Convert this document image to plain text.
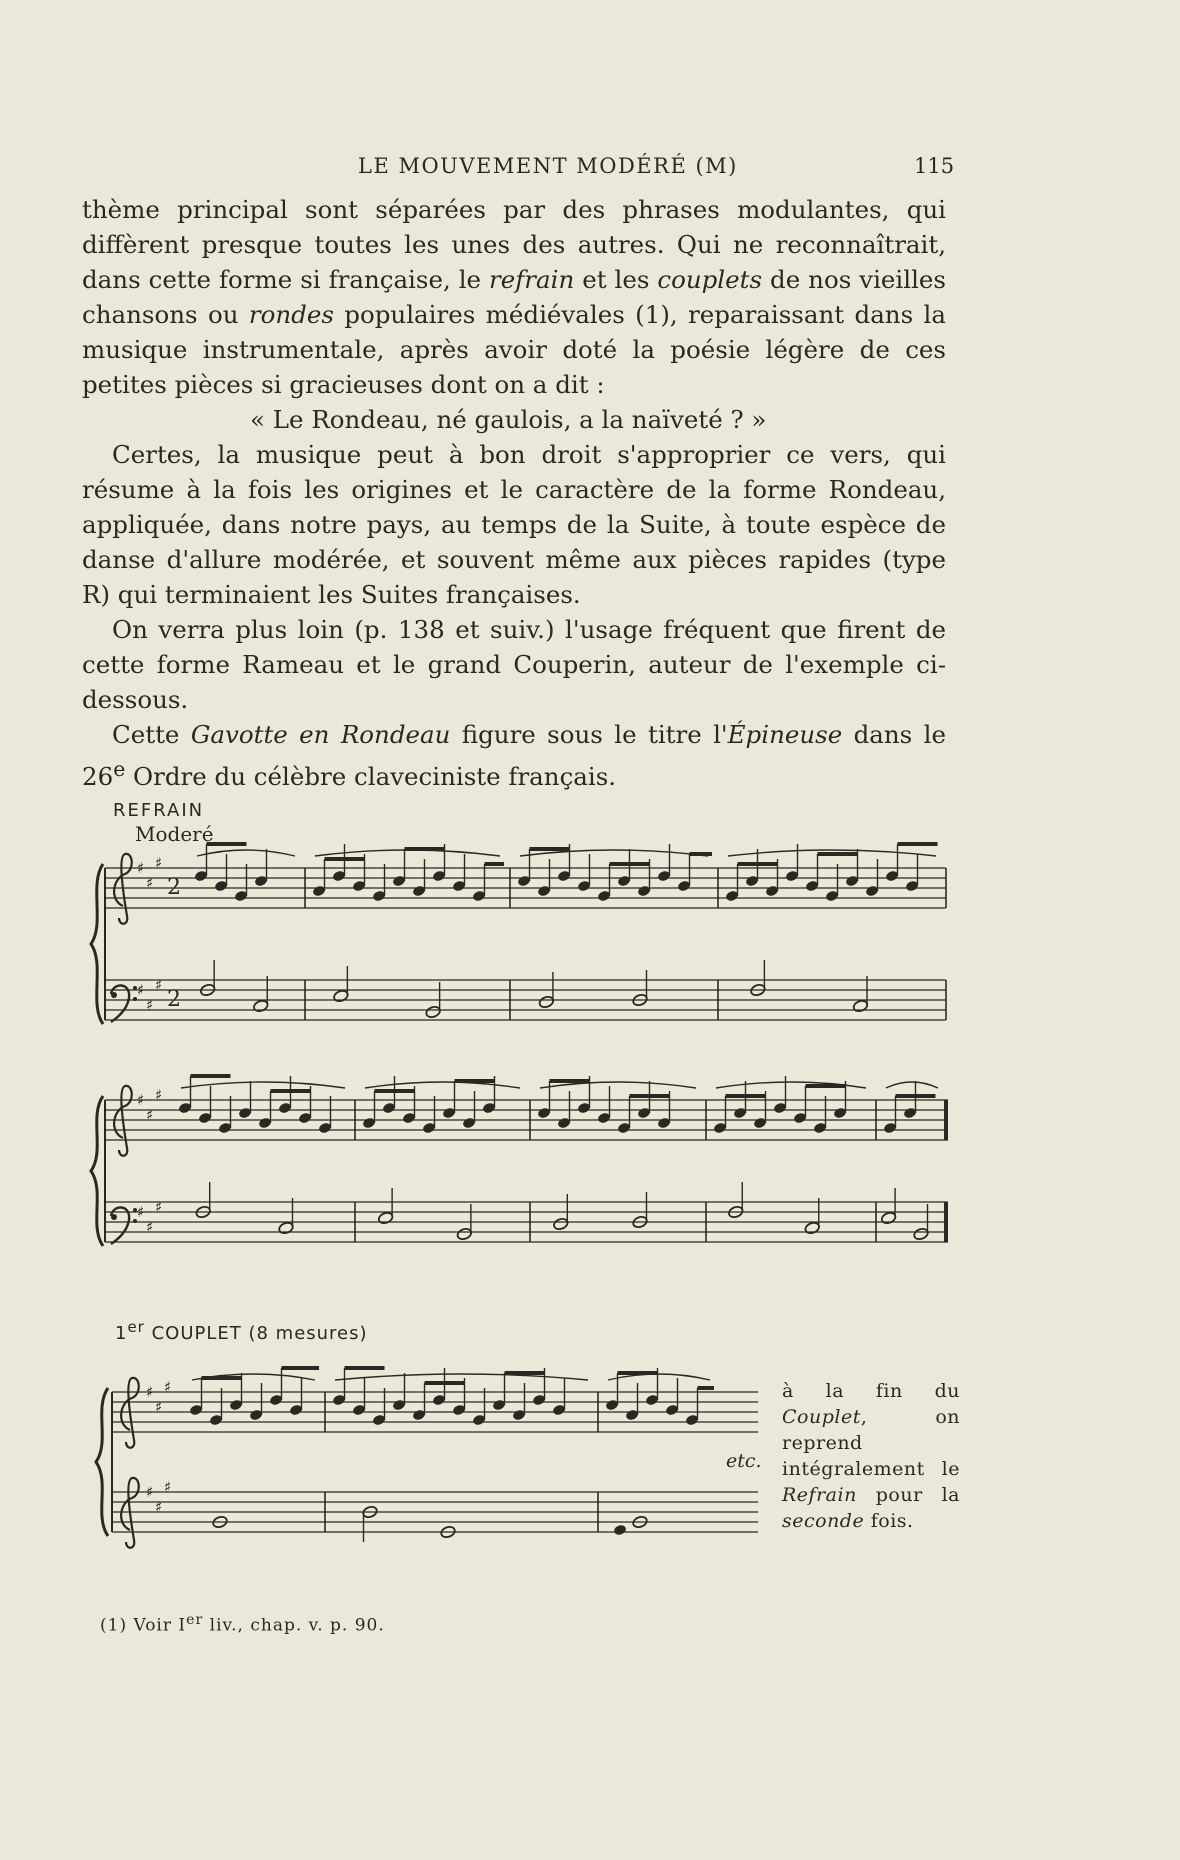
LE MOUVEMENT MODÉRÉ (M)	115

thème principal sont séparées par des phrases modulantes, qui diffèrent presque toutes les unes des autres. Qui ne reconnaîtrait, dans cette forme si française, le refrain et les couplets de nos vieilles chansons ou rondes populaires médiévales (1), reparaissant dans la musique instrumentale, après avoir doté la poésie légère de ces petites pièces si gracieuses dont on a dit :

« Le Rondeau, né gaulois, a la naïveté ? »

Certes, la musique peut à bon droit s'approprier ce vers, qui résume à la fois les origines et le caractère de la forme Rondeau, appliquée, dans notre pays, au temps de la Suite, à toute espèce de danse d'allure modérée, et souvent même aux pièces rapides (type R) qui terminaient les Suites françaises.

On verra plus loin (p. 138 et suiv.) l'usage fréquent que firent de cette forme Rameau et le grand Couperin, auteur de l'exemple ci-dessous.

Cette Gavotte en Rondeau figure sous le titre l'Épineuse dans le 26e Ordre du célèbre claveciniste français.

REFRAIN
Moderé
1er COUPLET (8 mesures)
♯
♯
♯
♯
♯
♯
2
2
♯
♯
♯
♯
♯
♯
♯
♯
♯
♯
♯
♯
etc.
à la fin du Couplet, on reprend intégralement le Refrain pour la seconde fois.
(1) Voir Ier liv., chap. v. p. 90.
